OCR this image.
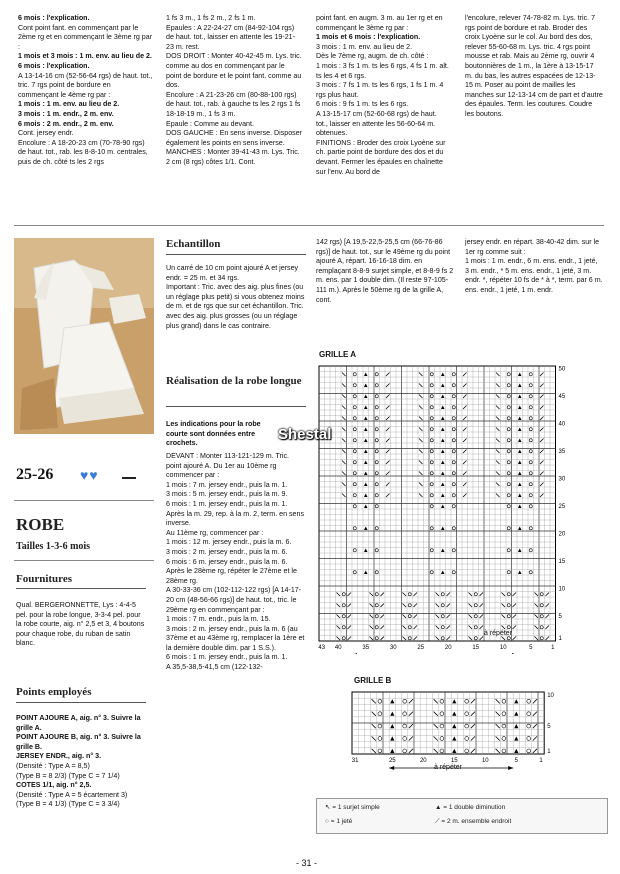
6 mois : l'explication.

Cont point fant. en commençant par le 2ème rg et en commençant le 3ème rg par :

1 mois et 3 mois : 1 m. env. au lieu de 2.

6 mois : l'explication.

A 13-14-16 cm (52-56-64 rgs) de haut. tot., tric. 7 rgs point de bordure en commençant le 4ème rg par :

1 mois : 1 m. env. au lieu de 2.

3 mois : 1 m. endr., 2 m. env.

6 mois : 2 m. endr., 2 m. env.

Cont. jersey endr.

Encolure : A 18-20-23 cm (70-78-90 rgs) de haut. tot., rab. les 8-8-10 m. centrales, puis de ch. côté ts les 2 rgs

1 fs 3 m., 1 fs 2 m., 2 fs 1 m.

Epaules : A 22-24-27 cm (84-92-104 rgs) de haut. tot., laisser en attente les 19-21-23 m. rest.

DOS DROIT : Monter 40-42-45 m. Lys. tric. comme au dos en commençant par le point de bordure et le point fant. comme au dos.

Encolure : A 21-23-26 cm (80-88-100 rgs) de haut. tot., rab. à gauche ts les 2 rgs 1 fs 18-18-19 m., 1 fs 3 m.

Epaule : Comme au devant.

DOS GAUCHE : En sens inverse. Disposer également les points en sens inverse.

MANCHES : Monter 39-41-43 m. Lys. Tric. 2 cm (8 rgs) côtes 1/1. Cont.

point fant. en augm. 3 m. au 1er rg et en commençant le 3ème rg par :

1 mois et 6 mois : l'explication.

3 mois : 1 m. env. au lieu de 2.

Dès le 7ème rg, augm. de ch. côté :

1 mois : 3 fs 1 m. ts les 6 rgs, 4 fs 1 m. alt. ts les 4 et 6 rgs.

3 mois : 7 fs 1 m. ts les 6 rgs, 1 fs 1 m. 4 rgs plus haut.

6 mois : 9 fs 1 m. ts les 6 rgs.

A 13-15-17 cm (52-60-68 rgs) de haut. tot., laisser en attente les 56-60-64 m. obtenues.

FINITIONS : Broder des croix Lyoène sur ch. partie point de bordure des dos et du devant. Fermer les épaules en chaînette sur l'env. Au bord de

l'encolure, relever 74-78-82 m. Lys. tric. 7 rgs point de bordure et rab. Broder des croix Lyoène sur le col. Au bord des dos, relever 55-60-68 m. Lys. tric. 4 rgs point mousse et rab. Mais au 2ème rg, ouvrir 4 boutonnières de 1 m., la 1ère à 13-15-17 m. du bas, les autres espacées de 12-13-15 m. Poser au point de mailles les manches sur 12-13-14 cm de part et d'autre des épaules. Term. les coutures. Coudre les boutons.

25-26 ♥♥
ROBE
Tailles 1-3-6 mois
Fournitures
Qual. BERGERONNETTE, Lys : 4-4-5 pel. pour la robe longue, 3-3-4 pel. pour la robe courte, aig. n° 2,5 et 3, 4 boutons pour chaque robe, du ruban de satin blanc.
Points employés

POINT AJOURE A, aig. n° 3. Suivre la grille A.

POINT AJOURE B, aig. n° 3. Suivre la grille B.

JERSEY ENDR., aig. n° 3.

(Densité : Type A = 8,5)

(Type B = 8 2/3) (Type C = 7 1/4)

COTES 1/1, aig. n° 2,5.

(Densité : Type A = 5 écartement 3)

(Type B = 4 1/3) (Type C = 3 3/4)

Echantillon

Un carré de 10 cm point ajouré A et jersey endr. = 25 m. et 34 rgs.

Important : Tric. avec des aig. plus fines (ou un réglage plus petit) si vous obtenez moins de m. et de rgs que sur cet échantillon. Tric. avec des aig. plus grosses (ou un réglage plus grand) dans le cas contraire.

Réalisation de la robe longue
Les indications pour la robe courte sont données entre crochets.

DEVANT : Monter 113-121-129 m. Tric. point ajouré A. Du 1er au 10ème rg commencer par :

1 mois : 7 m. jersey endr., puis la m. 1.

3 mois : 5 m. jersey endr., puis la m. 9.

6 mois : 1 m. jersey endr., puis la m. 1.

Après la m. 29, rep. à la m. 2, term. en sens inverse.

Au 11ème rg, commencer par :

1 mois : 12 m. jersey endr., puis la m. 6.

3 mois : 2 m. jersey endr., puis la m. 6.

6 mois : 6 m. jersey endr., puis la m. 6.

Après le 28ème rg, répéter le 27ème et le 28ème rg.

A 30-33-36 cm (102-112-122 rgs) [A 14-17-20 cm (48-56-66 rgs)] de haut. tot., tric. le 29ème rg en commençant par :

1 mois : 7 m. endr., puis la m. 15.

3 mois : 2 m. jersey endr., puis la m. 6 (au 37ème et au 43ème rg, remplacer la 1ère et la dernière double dim. par 1 S.S.).

6 mois : 1 m. jersey endr., puis la m. 1.

A 35,5-38,5-41,5 cm (122-132-

142 rgs) [A 19,5-22,5-25,5 cm (66-76-86 rgs)] de haut. tot., sur le 49ème rg du point ajouré A, répart. 16-16-18 dim. en remplaçant 8-8-9 surjet simple, et 8-8-9 fs 2 m. ens. par 1 double dim. (Il reste 97-105-111 m.). Après le 50ème rg de la grille A, cont.
jersey endr. en répart. 38-40-42 dim. sur le 1er rg comme suit :
1 mois : 1 m. endr., 6 m. ens. endr., 1 jeté, 3 m. endr., * 5 m. ens. endr., 1 jeté, 3 m. endr. *, répéter 10 fs de * à *, term. par 6 m. ens. endr., 1 jeté, 1 m. endr.
GRILLE A
50
45
40
35
30
25
20
15
10
5
1
43 40	35	30	25	20	15	10	5	1
à répéter
GRILLE B
10
5
1
31	25	20	15	10	5	1
à répéter
↖ = 1 surjet simple	▲ = 1 double diminution
○ = 1 jeté	⟋ = 2 m. ensemble endroit
Shestal
- 31 -
